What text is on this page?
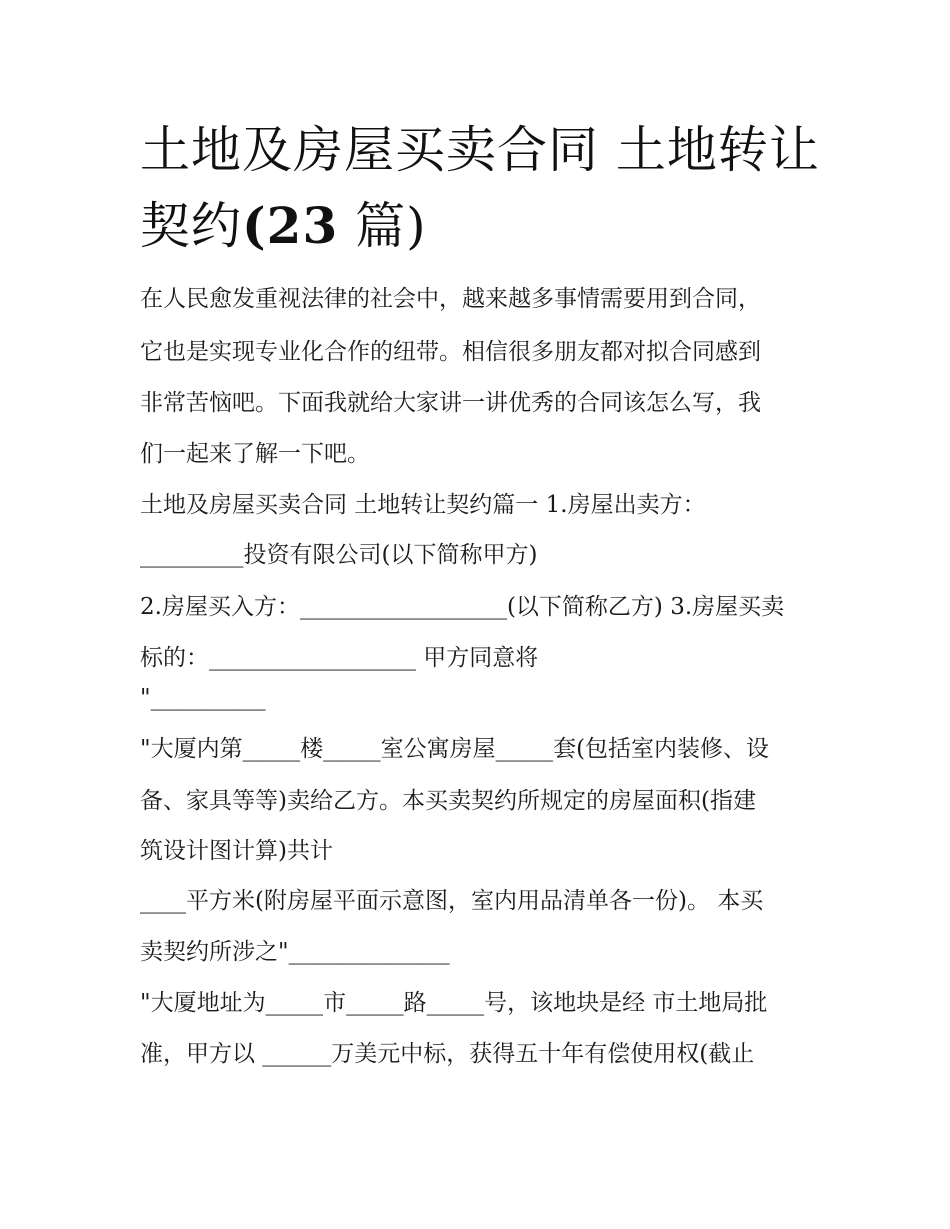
土地及房屋买卖合同 土地转让
契约(23 篇)

在人民愈发重视法律的社会中，越来越多事情需要用到合同，

它也是实现专业化合作的纽带。相信很多朋友都对拟合同感到

非常苦恼吧。下面我就给大家讲一讲优秀的合同该怎么写，我

们一起来了解一下吧。

土地及房屋买卖合同 土地转让契约篇一 1.房屋出卖方：

_________投资有限公司(以下简称甲方)

2.房屋买入方：__________________(以下简称乙方) 3.房屋买卖

标的：__________________ 甲方同意将

"__________

"大厦内第_____楼_____室公寓房屋_____套(包括室内装修、设

备、家具等等)卖给乙方。本买卖契约所规定的房屋面积(指建

筑设计图计算)共计

____平方米(附房屋平面示意图，室内用品清单各一份)。 本买

卖契约所涉之"______________

"大厦地址为_____市_____路_____号，该地块是经 市土地局批

准，甲方以 ______万美元中标，获得五十年有偿使用权(截止
